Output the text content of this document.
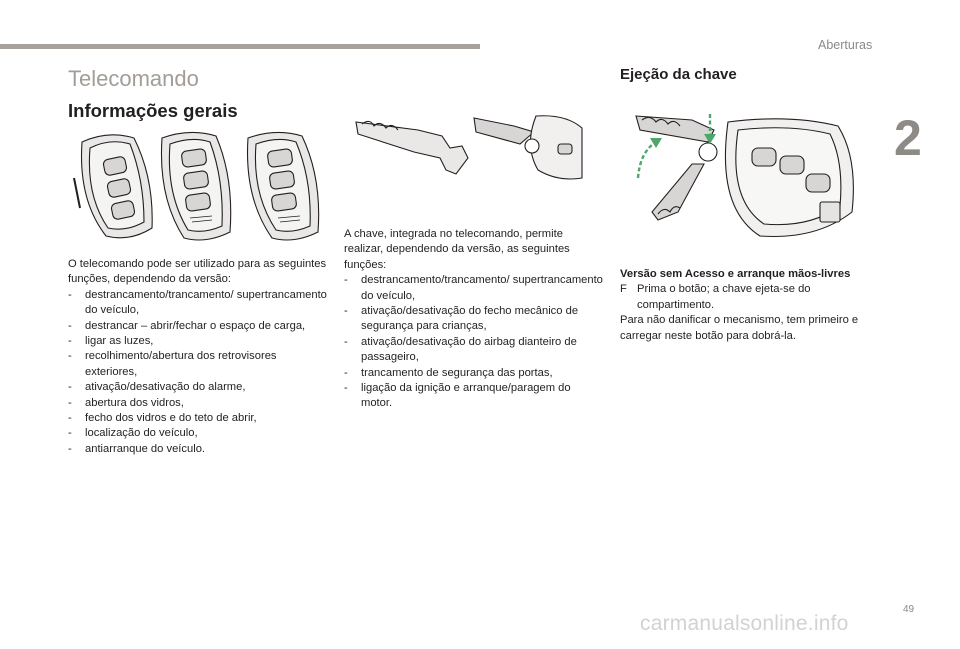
Aberturas
2
Telecomando
Informações gerais
Ejeção da chave

O telecomando pode ser utilizado para as seguintes funções, dependendo da versão:

- destrancamento/trancamento/ supertrancamento do veículo,
- destrancar – abrir/fechar o espaço de carga,
- ligar as luzes,
- recolhimento/abertura dos retrovisores exteriores,
- ativação/desativação do alarme,
- abertura dos vidros,
- fecho dos vidros e do teto de abrir,
- localização do veículo,
- antiarranque do veículo.

A chave, integrada no telecomando, permite realizar, dependendo da versão, as seguintes funções:

- destrancamento/trancamento/ supertrancamento do veículo,
- ativação/desativação do fecho mecânico de segurança para crianças,
- ativação/desativação do airbag dianteiro de passageiro,
- trancamento de segurança das portas,
- ligação da ignição e arranque/paragem do motor.

Versão sem Acesso e arranque mãos-livres

F Prima o botão; a chave ejeta-se do compartimento.

Para não danificar o mecanismo, tem primeiro e carregar neste botão para dobrá-la.

49
carmanualsonline.info
